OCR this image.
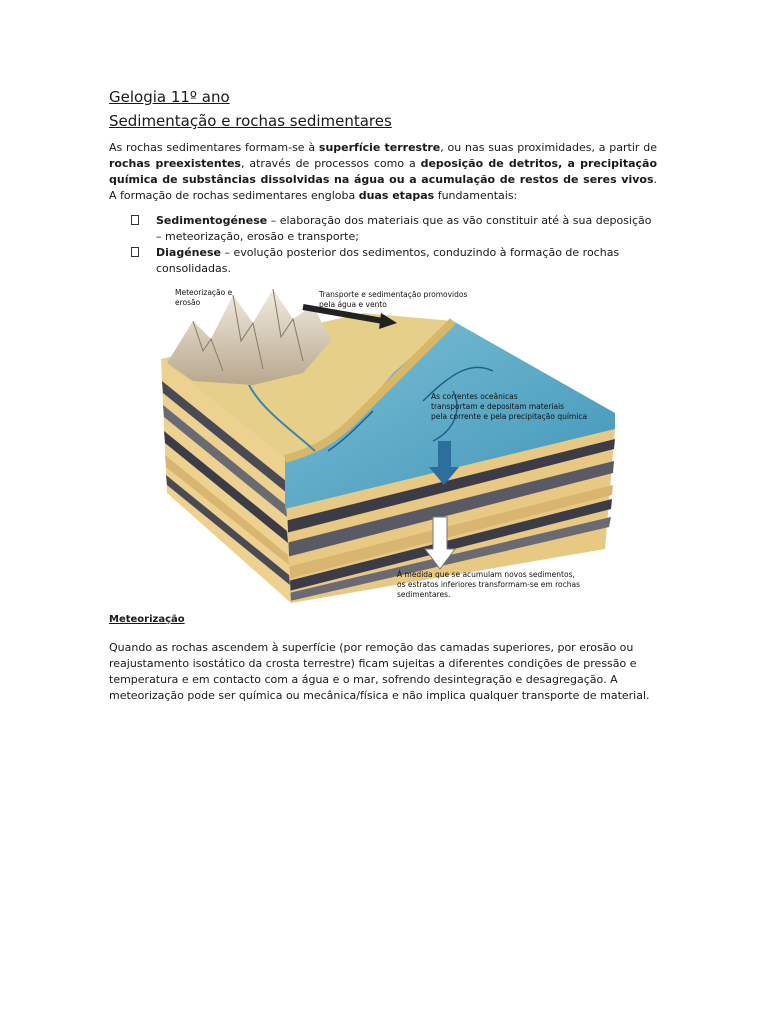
Gelogia 11º ano
Sedimentação e rochas sedimentares

As rochas sedimentares formam-se à superfície terrestre, ou nas suas proximidades, a partir de rochas preexistentes, através de processos como a deposição de detritos, a precipitação química de substâncias dissolvidas na água ou a acumulação de restos de seres vivos. A formação de rochas sedimentares engloba duas etapas fundamentais:

Sedimentogénese – elaboração dos materiais que as vão constituir até à sua deposição – meteorização, erosão e transporte;
Diagénese – evolução posterior dos sedimentos, conduzindo à formação de rochas consolidadas.
Meteorização e
erosão
Transporte e sedimentação promovidos
pela água e vento
As correntes oceânicas
transportam e depositam materiais
pela corrente e pela precipitação química
À medida que se acumulam novos sedimentos,
os estratos inferiores transformam-se em rochas
sedimentares.
Meteorização
Quando as rochas ascendem à superfície (por remoção das camadas superiores, por erosão ou reajustamento isostático da crosta terrestre) ficam sujeitas a diferentes condições de pressão e temperatura e em contacto com a água e o mar, sofrendo desintegração e desagregação. A meteorização pode ser química ou mecânica/física e não implica qualquer transporte de material.
